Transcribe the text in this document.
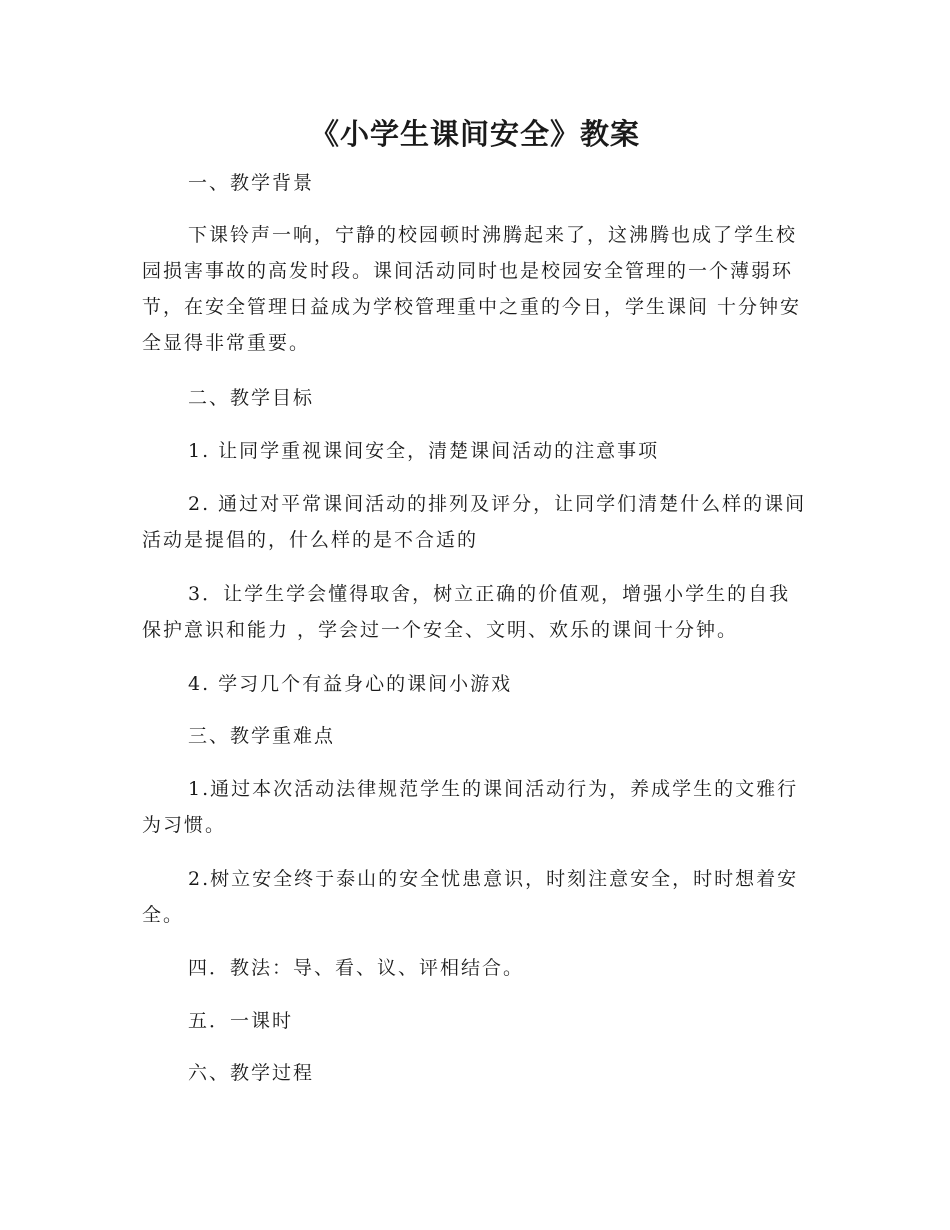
《小学生课间安全》教案
一、教学背景
下课铃声一响，宁静的校园顿时沸腾起来了，这沸腾也成了学生校园损害事故的高发时段。课间活动同时也是校园安全管理的一个薄弱环节，在安全管理日益成为学校管理重中之重的今日，学生课间 十分钟安全显得非常重要。
二、教学目标
1. 让同学重视课间安全，清楚课间活动的注意事项
2. 通过对平常课间活动的排列及评分，让同学们清楚什么样的课间活动是提倡的，什么样的是不合适的
3．让学生学会懂得取舍，树立正确的价值观，增强小学生的自我保护意识和能力 ，学会过一个安全、文明、欢乐的课间十分钟。
4. 学习几个有益身心的课间小游戏
三、教学重难点
1.通过本次活动法律规范学生的课间活动行为，养成学生的文雅行为习惯。
2.树立安全终于泰山的安全忧患意识，时刻注意安全，时时想着安全。
四．教法：导、看、议、评相结合。
五．一课时
六、教学过程
